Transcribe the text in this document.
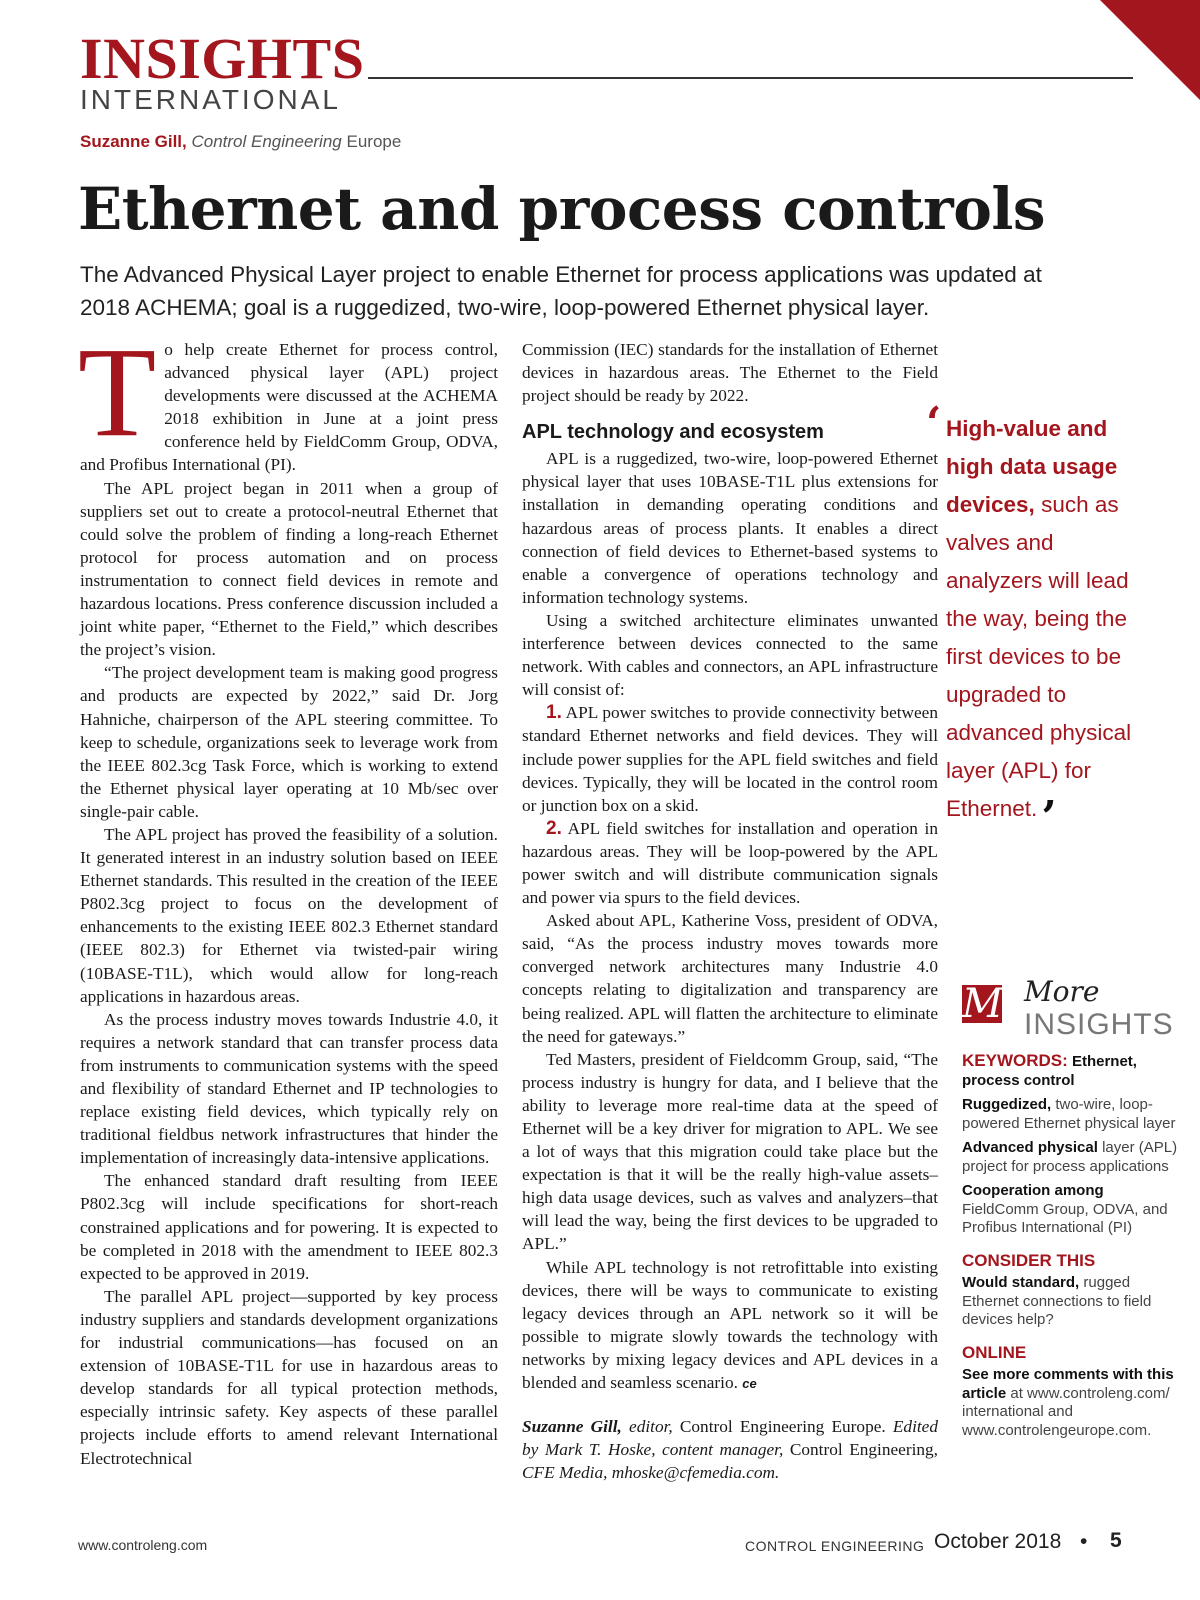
INSIGHTS
INTERNATIONAL
Suzanne Gill, Control Engineering Europe
Ethernet and process controls
The Advanced Physical Layer project to enable Ethernet for process applications was updated at 2018 ACHEMA; goal is a ruggedized, two-wire, loop-powered Ethernet physical layer.

To help create Ethernet for process control, advanced physical layer (APL) project developments were discussed at the ACHEMA 2018 exhibition in June at a joint press conference held by FieldComm Group, ODVA, and Profibus International (PI).

The APL project began in 2011 when a group of suppliers set out to create a protocol-neutral Ethernet that could solve the problem of finding a long-reach Ethernet protocol for process automation and on process instrumentation to connect field devices in remote and hazardous locations. Press conference discussion included a joint white paper, “Ethernet to the Field,” which describes the project’s vision.

“The project development team is making good progress and products are expected by 2022,” said Dr. Jorg Hahniche, chairperson of the APL steering committee. To keep to schedule, organizations seek to leverage work from the IEEE 802.3cg Task Force, which is working to extend the Ethernet physical layer operating at 10 Mb/sec over single-pair cable.

The APL project has proved the feasibility of a solution. It generated interest in an industry solution based on IEEE Ethernet standards. This resulted in the creation of the IEEE P802.3cg project to focus on the development of enhancements to the existing IEEE 802.3 Ethernet standard (IEEE 802.3) for Ethernet via twisted-pair wiring (10BASE-T1L), which would allow for long-reach applications in hazardous areas.

As the process industry moves towards Industrie 4.0, it requires a network standard that can transfer process data from instruments to communication systems with the speed and flexibility of standard Ethernet and IP technologies to replace existing field devices, which typically rely on traditional fieldbus network infrastructures that hinder the implementation of increasingly data-intensive applications.

The enhanced standard draft resulting from IEEE P802.3cg will include specifications for short-reach constrained applications and for powering. It is expected to be completed in 2018 with the amendment to IEEE 802.3 expected to be approved in 2019.

The parallel APL project—supported by key process industry suppliers and standards development organizations for industrial communications—has focused on an extension of 10BASE-T1L for use in hazardous areas to develop standards for all typical protection methods, especially intrinsic safety. Key aspects of these parallel projects include efforts to amend relevant International Electrotechnical

Commission (IEC) standards for the installation of Ethernet devices in hazardous areas. The Ethernet to the Field project should be ready by 2022.

APL technology and ecosystem

APL is a ruggedized, two-wire, loop-powered Ethernet physical layer that uses 10BASE-T1L plus extensions for installation in demanding operating conditions and hazardous areas of process plants. It enables a direct connection of field devices to Ethernet-based systems to enable a convergence of operations technology and information technology systems.

Using a switched architecture eliminates unwanted interference between devices connected to the same network. With cables and connectors, an APL infrastructure will consist of:

1. APL power switches to provide connectivity between standard Ethernet networks and field devices. They will include power supplies for the APL field switches and field devices. Typically, they will be located in the control room or junction box on a skid.

2. APL field switches for installation and operation in hazardous areas. They will be loop-powered by the APL power switch and will distribute communication signals and power via spurs to the field devices.

Asked about APL, Katherine Voss, president of ODVA, said, “As the process industry moves towards more converged network architectures many Industrie 4.0 concepts relating to digitalization and transparency are being realized. APL will flatten the architecture to eliminate the need for gateways.”

Ted Masters, president of Fieldcomm Group, said, “The process industry is hungry for data, and I believe that the ability to leverage more real-time data at the speed of Ethernet will be a key driver for migration to APL. We see a lot of ways that this migration could take place but the expectation is that it will be the really high-value assets–high data usage devices, such as valves and analyzers–that will lead the way, being the first devices to be upgraded to APL.”

While APL technology is not retrofittable into existing devices, there will be ways to communicate to existing legacy devices through an APL network so it will be possible to migrate slowly towards the technology with networks by mixing legacy devices and APL devices in a blended and seamless scenario. ce

Suzanne Gill, editor, Control Engineering Europe. Edited by Mark T. Hoske, content manager, Control Engineering, CFE Media, mhoske@cfemedia.com.

‘ High-value and high data usage devices, such as valves and analyzers will lead the way, being the first devices to be upgraded to advanced physical layer (APL) for Ethernet.’
M More
INSIGHTS
KEYWORDS: Ethernet, process control
Ruggedized, two-wire, loop-powered Ethernet physical layer
Advanced physical layer (APL) project for process applications
Cooperation among FieldComm Group, ODVA, and Profibus International (PI)
CONSIDER THIS
Would standard, rugged Ethernet connections to field devices help?
ONLINE
See more comments with this article at www.controleng.com/ international and www.controlengeurope.com.
www.controleng.com	CONTROL ENGINEERING October 2018 • 5
